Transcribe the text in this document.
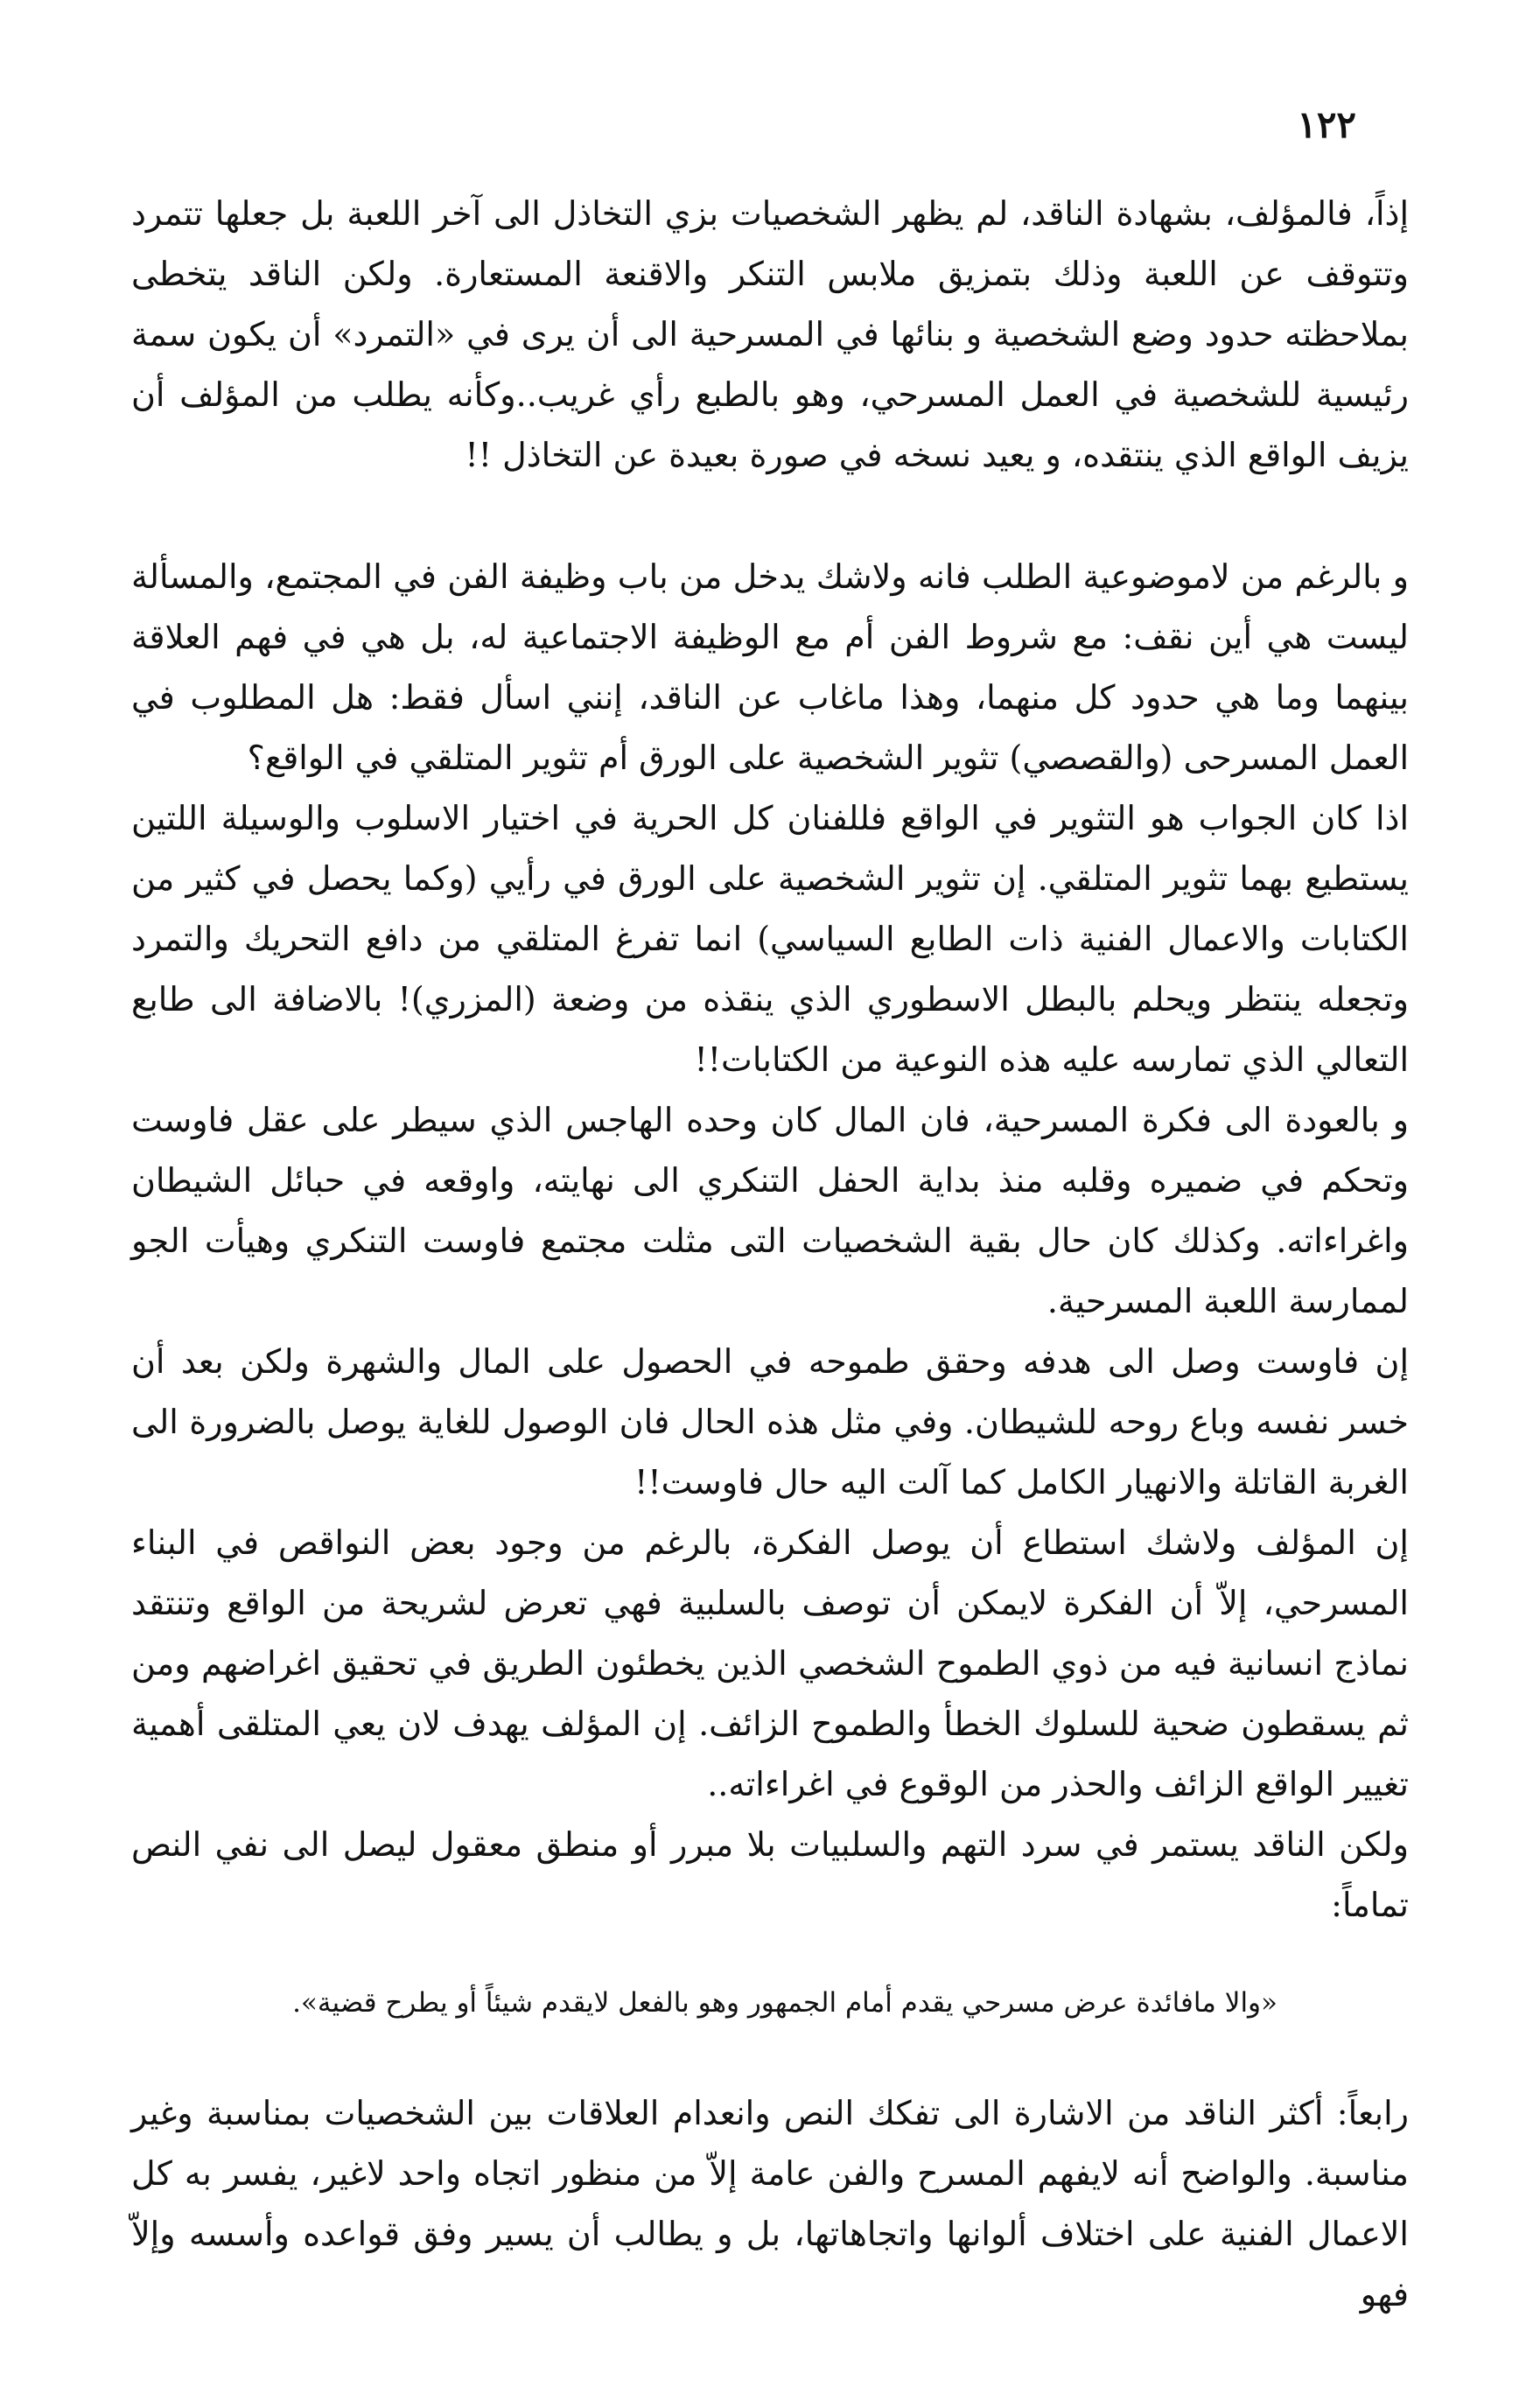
١٢٢

إذاً، فالمؤلف، بشهادة الناقد، لم يظهر الشخصيات بزي التخاذل الى آخر اللعبة بل جعلها تتمرد وتتوقف عن اللعبة وذلك بتمزيق ملابس التنكر والاقنعة المستعارة. ولكن الناقد يتخطى بملاحظته حدود وضع الشخصية و بنائها في المسرحية الى أن يرى في «التمرد» أن يكون سمة رئيسية للشخصية في العمل المسرحي، وهو بالطبع رأي غريب..وكأنه يطلب من المؤلف أن يزيف الواقع الذي ينتقده، و يعيد نسخه في صورة بعيدة عن التخاذل !!

و بالرغم من لاموضوعية الطلب فانه ولاشك يدخل من باب وظيفة الفن في المجتمع، والمسألة ليست هي أين نقف: مع شروط الفن أم مع الوظيفة الاجتماعية له، بل هي في فهم العلاقة بينهما وما هي حدود كل منهما، وهذا ماغاب عن الناقد، إنني اسأل فقط: هل المطلوب في العمل المسرحى (والقصصي) تثوير الشخصية على الورق أم تثوير المتلقي في الواقع؟

اذا كان الجواب هو التثوير في الواقع فللفنان كل الحرية في اختيار الاسلوب والوسيلة اللتين يستطيع بهما تثوير المتلقي. إن تثوير الشخصية على الورق في رأيي (وكما يحصل في كثير من الكتابات والاعمال الفنية ذات الطابع السياسي) انما تفرغ المتلقي من دافع التحريك والتمرد وتجعله ينتظر ويحلم بالبطل الاسطوري الذي ينقذه من وضعة (المزري)! بالاضافة الى طابع التعالي الذي تمارسه عليه هذه النوعية من الكتابات!!

و بالعودة الى فكرة المسرحية، فان المال كان وحده الهاجس الذي سيطر على عقل فاوست وتحكم في ضميره وقلبه منذ بداية الحفل التنكري الى نهايته، واوقعه في حبائل الشيطان واغراءاته. وكذلك كان حال بقية الشخصيات التى مثلت مجتمع فاوست التنكري وهيأت الجو لممارسة اللعبة المسرحية.

إن فاوست وصل الى هدفه وحقق طموحه في الحصول على المال والشهرة ولكن بعد أن خسر نفسه وباع روحه للشيطان. وفي مثل هذه الحال فان الوصول للغاية يوصل بالضرورة الى الغربة القاتلة والانهيار الكامل كما آلت اليه حال فاوست!!

إن المؤلف ولاشك استطاع أن يوصل الفكرة، بالرغم من وجود بعض النواقص في البناء المسرحي، إلاّ أن الفكرة لايمكن أن توصف بالسلبية فهي تعرض لشريحة من الواقع وتنتقد نماذج انسانية فيه من ذوي الطموح الشخصي الذين يخطئون الطريق في تحقيق اغراضهم ومن ثم يسقطون ضحية للسلوك الخطأ والطموح الزائف. إن المؤلف يهدف لان يعي المتلقى أهمية تغيير الواقع الزائف والحذر من الوقوع في اغراءاته..

ولكن الناقد يستمر في سرد التهم والسلبيات بلا مبرر أو منطق معقول ليصل الى نفي النص تماماً:

«والا مافائدة عرض مسرحي يقدم أمام الجمهور وهو بالفعل لايقدم شيئاً أو يطرح قضية».

رابعاً: أكثر الناقد من الاشارة الى تفكك النص وانعدام العلاقات بين الشخصيات بمناسبة وغير مناسبة. والواضح أنه لايفهم المسرح والفن عامة إلاّ من منظور اتجاه واحد لاغير، يفسر به كل الاعمال الفنية على اختلاف ألوانها واتجاهاتها، بل و يطالب أن يسير وفق قواعده وأسسه وإلاّ فهو
